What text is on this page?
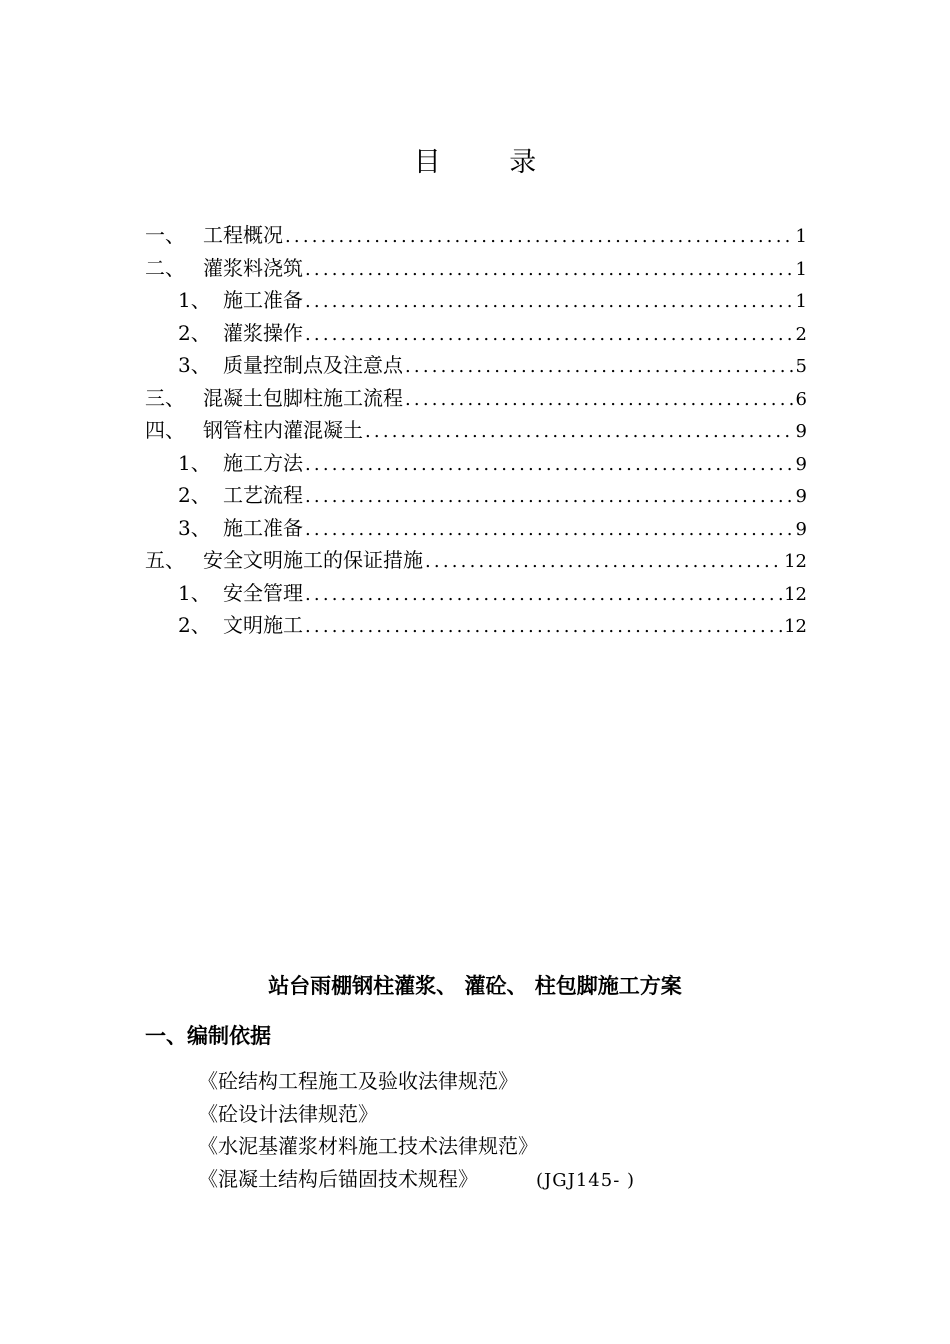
目 录
一、 工程概况 .....	1
二、 灌浆料浇筑 .....	1
1、 施工准备 .....	1
2、 灌浆操作 .....	2
3、 质量控制点及注意点 .....	5
三、 混凝土包脚柱施工流程 .....	6
四、 钢管柱内灌混凝土 .....	9
1、 施工方法 .....	9
2、 工艺流程 .....	9
3、 施工准备 .....	9
五、 安全文明施工的保证措施 .....	12
1、 安全管理 .....	12
2、 文明施工 .....	12
站台雨棚钢柱灌浆、 灌砼、 柱包脚施工方案
一、编制依据
《砼结构工程施工及验收法律规范》
《砼设计法律规范》
《水泥基灌浆材料施工技术法律规范》
《混凝土结构后锚固技术规程》	(JGJ145- )
